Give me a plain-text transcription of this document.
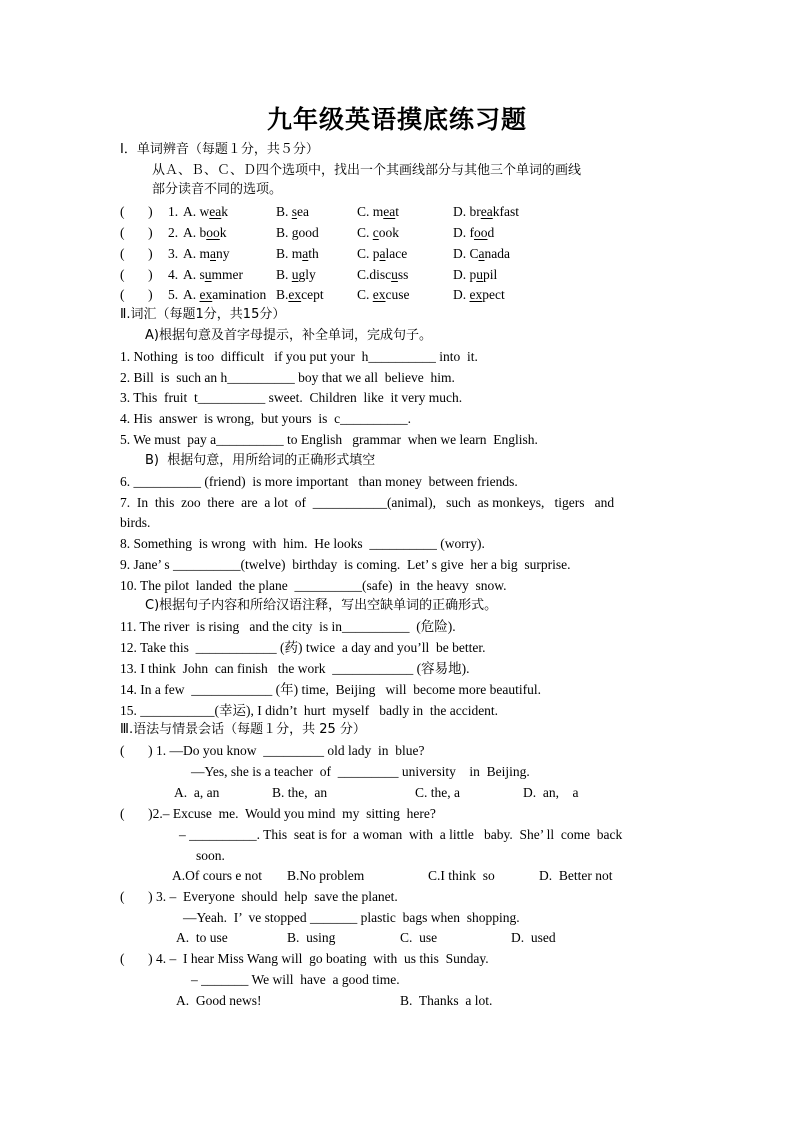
九年级英语摸底练习题
Ⅰ．单词辨音（每题１分，共５分）
从Ａ、Ｂ、Ｃ、Ｄ四个选项中，找出一个其画线部分与其他三个单词的画线
部分读音不同的选项。
(       ) 1. A. weak	B. sea	C. meat	D. breakfast
(       ) 2. A. book	B. good	C. cook	D. food
(       ) 3. A. many	B. math	C. palace	D. Canada
(       ) 4. A. summer B. ugly	C.discuss	D. pupil
(       ) 5. A. examination B.except C. excuse	D. expect
Ⅱ.词汇（每题1分，共15分）
A)根据句意及首字母提示，补全单词，完成句子。
1. Nothing  is too  difficult   if you put your  h__________ into  it.
2. Bill  is  such an h__________ boy that we all  believe  him.
3. This  fruit  t__________ sweet.  Children  like  it very much.
4. His  answer  is wrong,  but yours  is  c__________.
5. We must  pay a__________ to English   grammar  when we learn  English.
B)  根据句意，用所给词的正确形式填空
6. __________ (friend)  is more important   than money  between friends.
7.  In  this  zoo  there  are  a lot  of  ___________(animal),   such  as monkeys,   tigers   and
birds.
8. Something  is wrong  with  him.  He looks  __________ (worry).
9. Jane’ s __________(twelve)  birthday  is coming.  Let’ s give  her a big  surprise.
10. The pilot  landed  the plane  __________(safe)  in  the heavy  snow.
C)根据句子内容和所给汉语注释，写出空缺单词的正确形式。
11. The river  is rising   and the city  is in__________  (危险).
12. Take this  ____________ (药) twice  a day and you’ll  be better.
13. I think  John  can finish   the work  ____________ (容易地).
14. In a few  ____________ (年) time,  Beijing   will  become more beautiful.
15. ___________(幸运), I didn’t  hurt  myself   badly in  the accident.
Ⅲ.语法与情景会话（每题１分，共 25 分）
(       ) 1. —Do you know  _________ old lady  in  blue?
—Yes, she is a teacher  of  _________ university    in  Beijing.
A.  a, an	B. the,  an	C. the, a	D.  an,    a
(       )2.– Excuse  me.  Would you mind  my  sitting  here?
– __________. This  seat is for  a woman  with  a little   baby.  She’ ll  come  back
soon.
A.Of cours e not B.No problem	C.I think  so	D.  Better not
(       ) 3. –  Everyone  should  help  save the planet.
—Yeah.  I’  ve stopped _______ plastic  bags when  shopping.
A.  to use	B.  using	C.  use	D.  used
(       ) 4. –  I hear Miss Wang will  go boating  with  us this  Sunday.
– _______ We will  have  a good time.
A.  Good news!	B.  Thanks  a lot.
